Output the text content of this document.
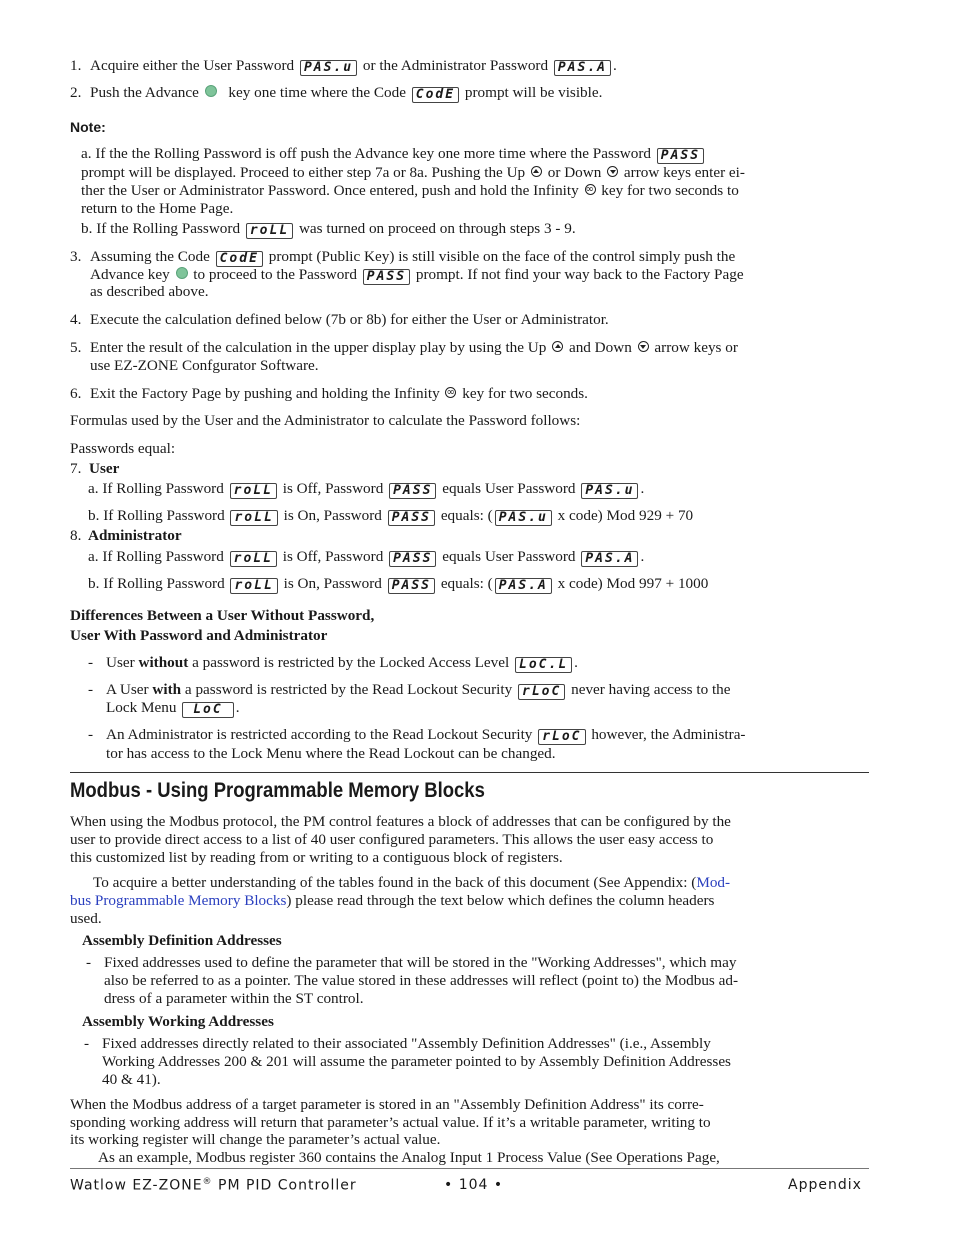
1. Acquire either the User Password PAS.u or the Administrator Password PAS.A .
2. Push the Advance key one time where the Code CodE prompt will be visible.
Note:
a. If the the Rolling Password is off push the Advance key one more time where the Password PASS
prompt will be displayed. Proceed to either step 7a or 8a. Pushing the Up or Down arrow keys enter ei-
ther the User or Administrator Password. Once entered, push and hold the Infinity ∞ key for two seconds to
return to the Home Page.
b. If the Rolling Password roLL was turned on proceed on through steps 3 - 9.
3. Assuming the Code CodE prompt (Public Key) is still visible on the face of the control simply push the
Advance key to proceed to the Password PASS prompt. If not find your way back to the Factory Page
as described above.
4. Execute the calculation defined below (7b or 8b) for either the User or Administrator.
5. Enter the result of the calculation in the upper display play by using the Up and Down arrow keys or
use EZ-ZONE Confgurator Software.
6. Exit the Factory Page by pushing and holding the Infinity ∞ key for two seconds.
Formulas used by the User and the Administrator to calculate the Password follows:
Passwords equal:
7. User
a. If Rolling Password roLL is Off, Password PASS equals User Password PAS.u .
b. If Rolling Password roLL is On, Password PASS equals: ( PAS.u x code) Mod 929 + 70
8. Administrator
a. If Rolling Password roLL is Off, Password PASS equals User Password PAS.A .
b. If Rolling Password roLL is On, Password PASS equals: ( PAS.A x code) Mod 997 + 1000
Differences Between a User Without Password,
User With Password and Administrator
- User without a password is restricted by the Locked Access Level LoC.L .
- A User with a password is restricted by the Read Lockout Security rLoC never having access to the
Lock Menu LoC .
- An Administrator is restricted according to the Read Lockout Security rLoC however, the Administra-
tor has access to the Lock Menu where the Read Lockout can be changed.
Modbus - Using Programmable Memory Blocks
When using the Modbus protocol, the PM control features a block of addresses that can be configured by the
user to provide direct access to a list of 40 user configured parameters. This allows the user easy access to
this customized list by reading from or writing to a contiguous block of registers.
To acquire a better understanding of the tables found in the back of this document (See Appendix: (Mod-
bus Programmable Memory Blocks) please read through the text below which defines the column headers
used.
Assembly Definition Addresses
- Fixed addresses used to define the parameter that will be stored in the "Working Addresses", which may
also be referred to as a pointer. The value stored in these addresses will reflect (point to) the Modbus ad-
dress of a parameter within the ST control.
Assembly Working Addresses
- Fixed addresses directly related to their associated "Assembly Definition Addresses" (i.e., Assembly
Working Addresses 200 & 201 will assume the parameter pointed to by Assembly Definition Addresses
40 & 41).
When the Modbus address of a target parameter is stored in an "Assembly Definition Address" its corre-
sponding working address will return that parameter’s actual value. If it’s a writable parameter, writing to
its working register will change the parameter’s actual value.
As an example, Modbus register 360 contains the Analog Input 1 Process Value (See Operations Page,
Watlow EZ-ZONE® PM PID Controller	• 104 •	Appendix
